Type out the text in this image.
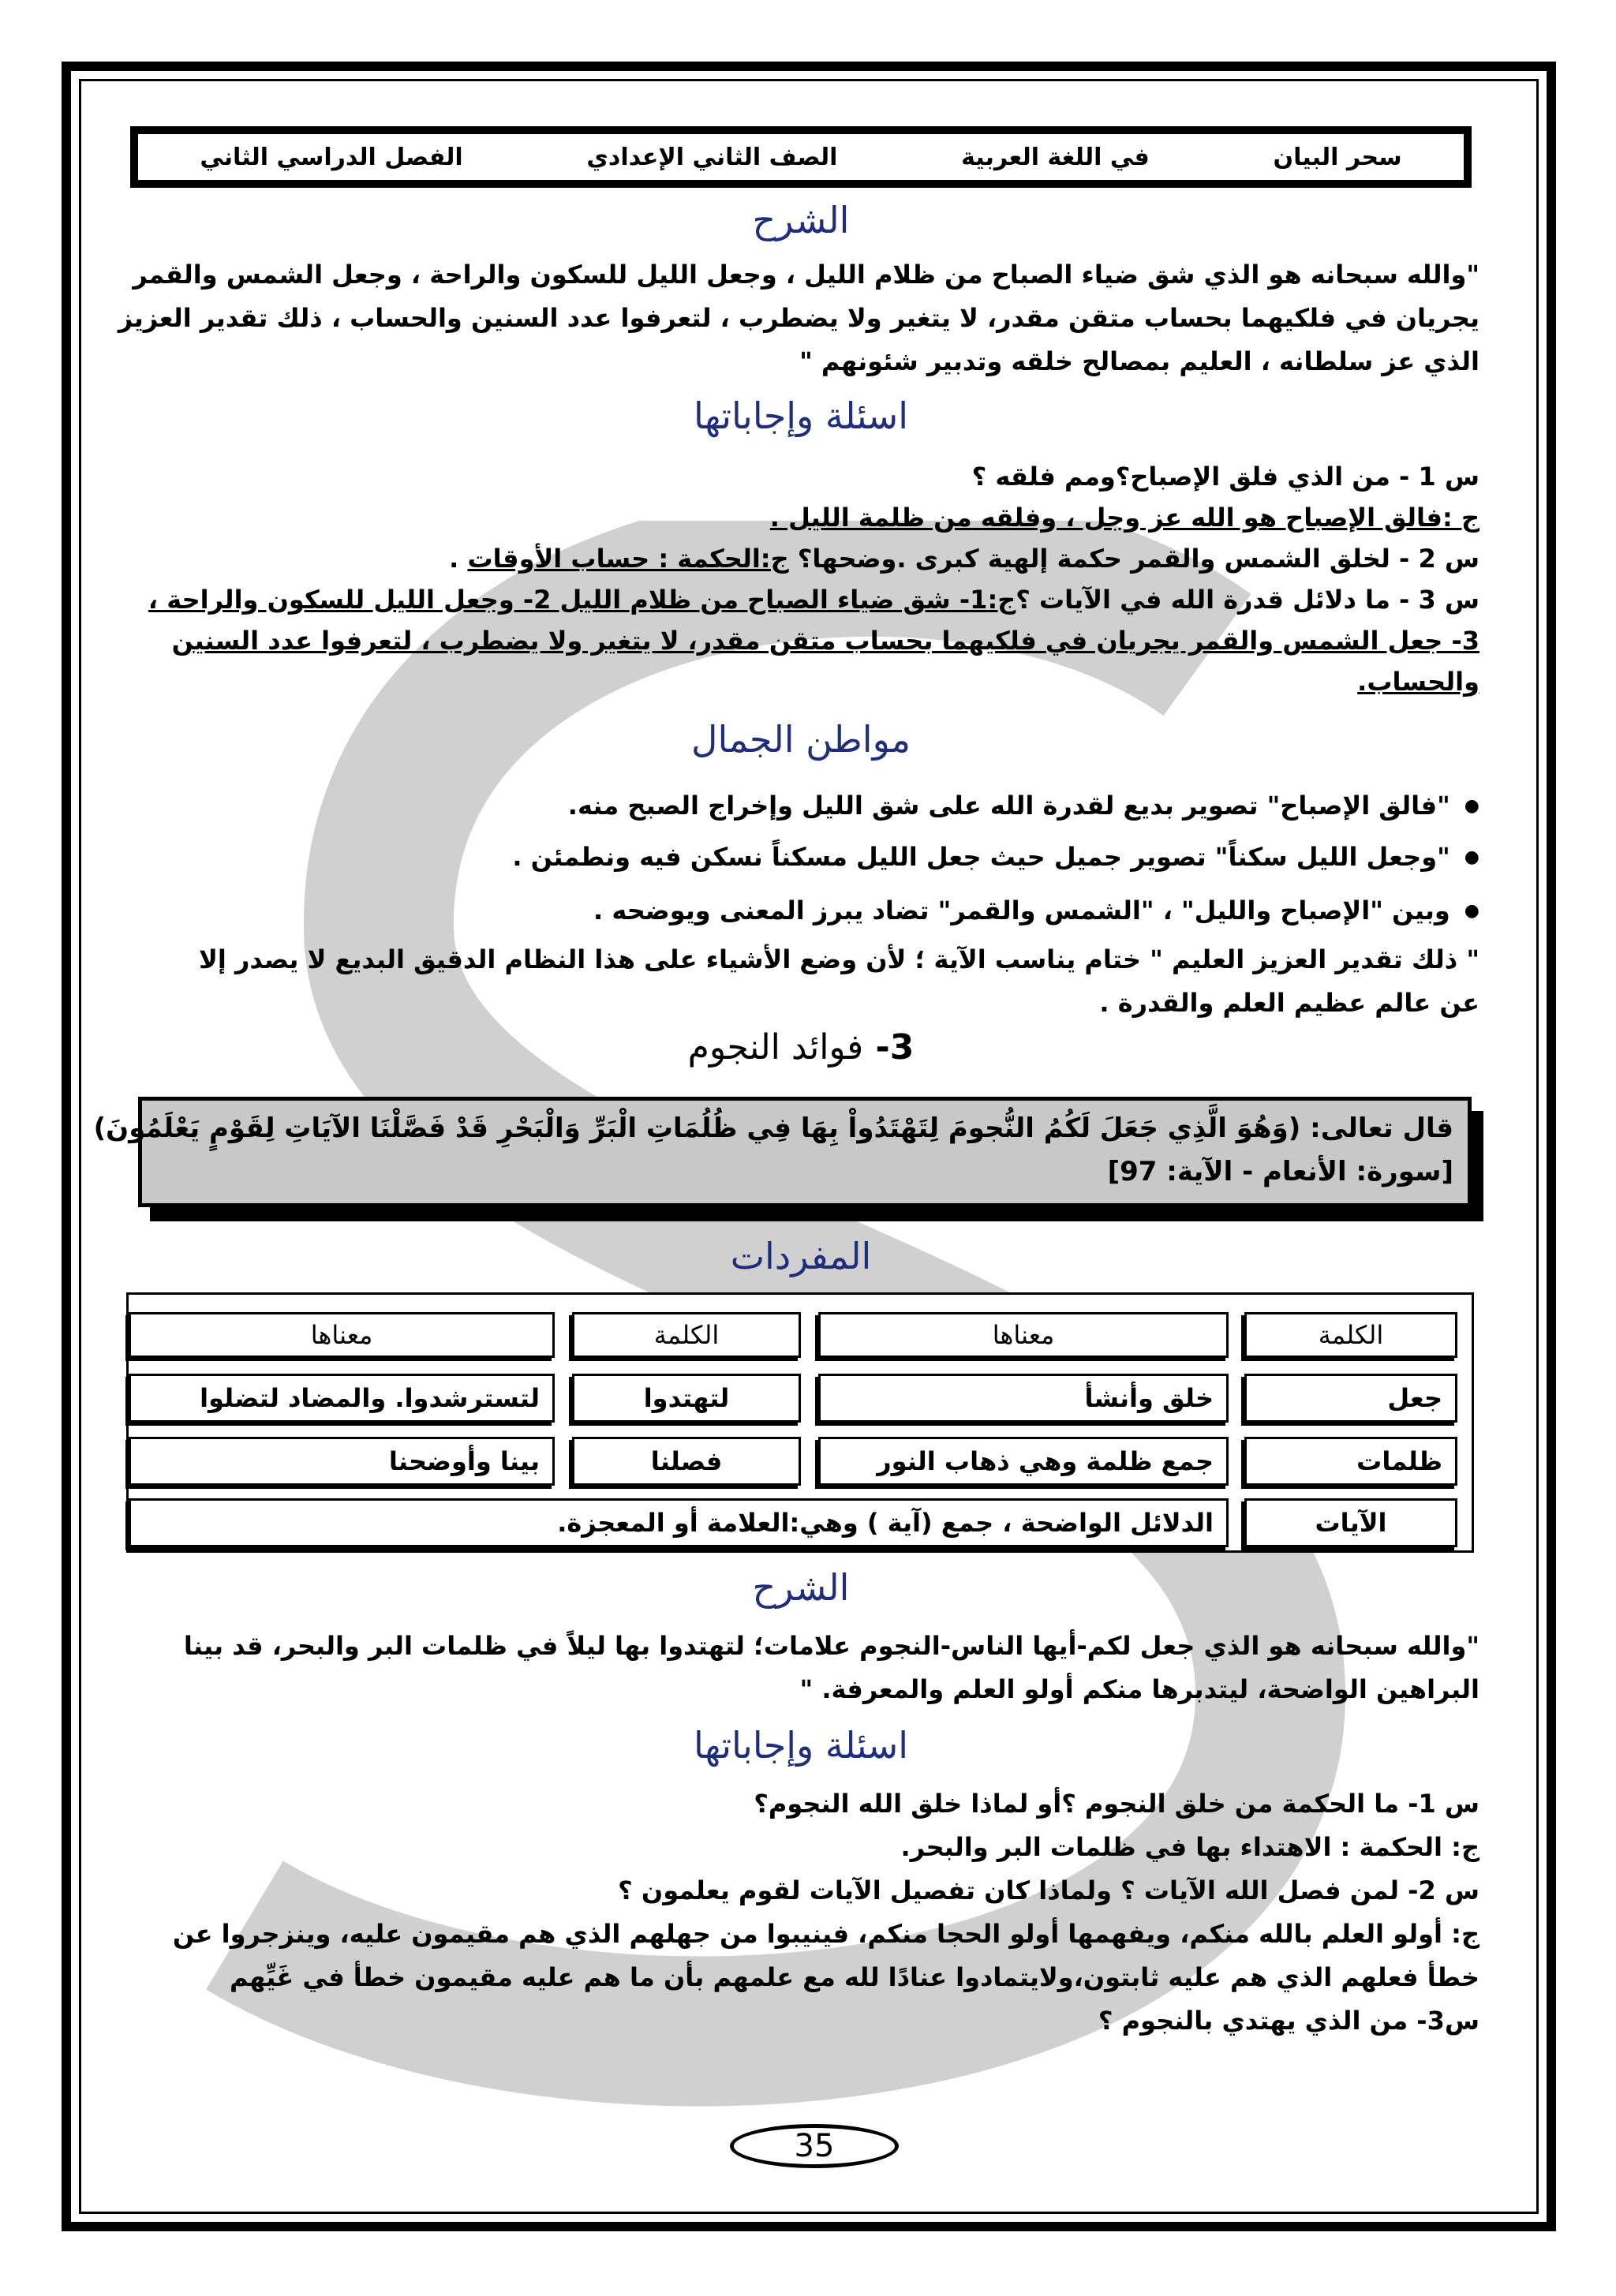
سحر البيان
في اللغة العربية
الصف الثاني الإعدادي
الفصل الدراسي الثاني
الشرح
"والله سبحانه هو الذي شق ضياء الصباح من ظلام الليل ، وجعل الليل للسكون والراحة ، وجعل الشمس والقمر
يجريان في فلكيهما بحساب متقن مقدر، لا يتغير ولا يضطرب ، لتعرفوا عدد السنين والحساب ، ذلك تقدير العزيز
الذي عز سلطانه ، العليم بمصالح خلقه وتدبير شئونهم "
اسئلة وإجاباتها
س 1 - من الذي فلق الإصباح؟ومم فلقه ؟
ج :فالق الإصباح هو الله عز وجل ، وفلقه من ظلمة الليل .
س 2 - لخلق الشمس والقمر حكمة إلهية كبرى .وضحها؟ ج:الحكمة : حساب الأوقات .
س 3 - ما دلائل قدرة الله في الآيات ؟ج:1- شق ضياء الصباح من ظلام الليل 2- وجعل الليل للسكون والراحة ،
3- جعل الشمس والقمر يجريان في فلكيهما بحساب متقن مقدر، لا يتغير ولا يضطرب ، لتعرفوا عدد السنين
والحساب.
مواطن الجمال
● "فالق الإصباح" تصوير بديع لقدرة الله على شق الليل وإخراج الصبح منه.
● "وجعل الليل سكناً" تصوير جميل حيث جعل الليل مسكناً نسكن فيه ونطمئن .
● وبين "الإصباح والليل" ، "الشمس والقمر" تضاد يبرز المعنى ويوضحه .
" ذلك تقدير العزيز العليم " ختام يناسب الآية ؛ لأن وضع الأشياء على هذا النظام الدقيق البديع لا يصدر إلا
عن عالم عظيم العلم والقدرة .
3- فوائد النجوم
قال تعالى: (وَهُوَ الَّذِي جَعَلَ لَكُمُ النُّجومَ لِتَهْتَدُواْ بِهَا فِي ظُلُمَاتِ الْبَرِّ وَالْبَحْرِ قَدْ فَصَّلْنَا الآيَاتِ لِقَوْمٍ يَعْلَمُونَ)
[سورة: الأنعام - الآية: 97]
المفردات
الكلمة
معناها
الكلمة
معناها
جعل
خلق وأنشأ
لتهتدوا
لتسترشدوا. والمضاد لتضلوا
ظلمات
جمع ظلمة وهي ذهاب النور
فصلنا
بينا وأوضحنا
الآيات
الدلائل الواضحة ، جمع (آية ) وهي:العلامة أو المعجزة.
الشرح
"والله سبحانه هو الذي جعل لكم-أيها الناس-النجوم علامات؛ لتهتدوا بها ليلاً في ظلمات البر والبحر، قد بينا
البراهين الواضحة، ليتدبرها منكم أولو العلم والمعرفة. "
اسئلة وإجاباتها
س 1- ما الحكمة من خلق النجوم ؟أو لماذا خلق الله النجوم؟
ج: الحكمة : الاهتداء بها في ظلمات البر والبحر.
س 2- لمن فصل الله الآيات ؟ ولماذا كان تفصيل الآيات لقوم يعلمون ؟
ج: أولو العلم بالله منكم، ويفهمها أولو الحجا منكم، فينيبوا من جهلهم الذي هم مقيمون عليه، وينزجروا عن
خطأ فعلهم الذي هم عليه ثابتون،ولايتمادوا عنادًا لله مع علمهم بأن ما هم عليه مقيمون خطأ في غَيِّهم
س3- من الذي يهتدي بالنجوم ؟
35
